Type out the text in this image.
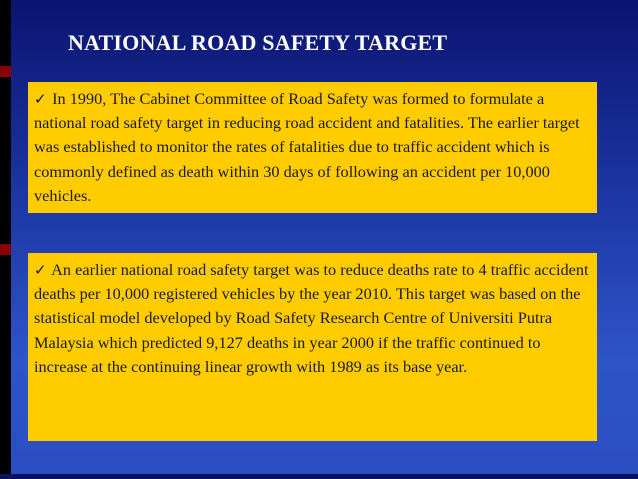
NATIONAL ROAD SAFETY TARGET
✓ In 1990, The Cabinet Committee of Road Safety was formed to formulate a national road safety target in reducing road accident and fatalities. The earlier target was established to monitor the rates of fatalities due to traffic accident which is commonly defined as death within 30 days of following an accident per 10,000 vehicles.
✓ An earlier national road safety target was to reduce deaths rate to 4 traffic accident deaths per 10,000 registered vehicles by the year 2010. This target was based on the statistical model developed by Road Safety Research Centre of Universiti Putra Malaysia which predicted 9,127 deaths in year 2000 if the traffic continued to increase at the continuing linear growth with 1989 as its base year.
